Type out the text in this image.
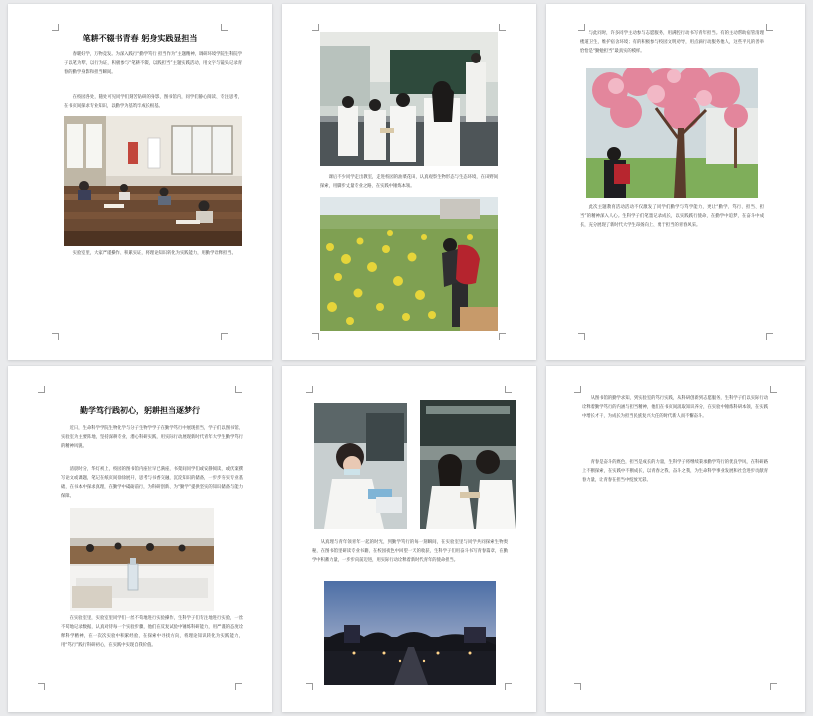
笔耕不辍书青春 躬身实践显担当
春暖好学，万物竞发。为深入践行“勤学笃行 担当作为”主题精神，调研环境学院生科院学子以笔为犁，以行为证，积极参与“笔耕不辍，以践担当”主题实践活动，用文字与镜头记录青春的勤学身影和担当瞬间。
在校园各处，随处可见同学们刻苦钻研的身影，图书馆内，同学们静心阅读、专注思考，在书页间探求专业知识，以勤学为基筑牢成长根基。
实验室里，大家严谨操作、积累实证，将理论知识转化为实践能力，用勤学诠释担当。
课后不少同学走出教室，走进校园的油菜花田，认真观察生物形态与生态环境，在田野间探索，用脚步丈量专业之路，在实践中锤炼本领。
与此同时，许多同学主动参与志愿服务，用满腔行动书写青年担当。有的主动帮助宿管清理楼道卫生，维护宿舍环境；有的积极参与校园文明劝导，用点滴行动服务他人，这些平凡的善举恰恰是“勤勉担当”最真实的模样。
此次主题教育活动活动不仅激发了同学们勤学与笃学能力，更让“勤学、笃行、担当、担当”的精神深入人心。生科学子们笔墨记录成长，以实践践行使命，在勤学中追梦，在奋斗中成长，充分展现了新时代大学生昂扬向上、勇于担当的青春风采。
勤学笃行践初心，躬耕担当逐梦行
近日，生命科学学院生物化学与分子生物学学子在勤学笃行中展现担当，学子们以图书馆、实验室为主要阵地，坚持深耕专业，潜心科研实践，用实际行动展现新时代青年大学生勤学笃行的精神风貌。
清晨时分，华灯初上，校园的图书馆内座位早已满座，书架间同学们或安静阅读，或伏案撰写论文或课题，笔记在纸页间徐徐展开，思考与书香交融，沉淀知识的储备，一步步夯实专业基础，在书本中探求真理，在勤学中砥砺前行，为科研创新、为“勤学”提供坚实的知识储备与能力保障。
在实验室里，实验室里同学们一丝不苟地进行实验操作，生科学子们专注地进行实验，一丝不苟地记录数据，认真对待每一个实验步骤，他们在反复试验中锤炼科研能力，用严谨的态度诠释科学精神，在一次次实验中积累经验，在探索中寻找方向，将理论知识转化为实践能力，用“笃行”践行科研初心，在实践中实现自我价值。
从真理与青年领青年一起的时光，到勤学笃行的每一刻瞬间，在实验室里与同学共同探索生物奥秘，在图书馆里研读专业书籍，在校园夜色中回望一天的收获，生科学子们用奋斗书写青春篇章，在勤学中积蓄力量，一步步向前迈进，用实际行动诠释着新时代青年的使命担当。
从图书馆的勤学求知，到实验室的笃行实践，从科研创新到志愿服务，生科学子们以实际行动诠释着勤学笃行的内涵与担当精神，他们在书页间汲取知识养分，在实验中锤炼科研本领，在实践中增长才干，为成长为担当民族复兴大任的时代新人而不懈奋斗。
青春是奋斗的底色，担当是成长的力量，生科学子将继续秉承勤学笃行的优良学风，在科研路上不断探索，在实践中不断成长，以青春之我、奋斗之我，为生命科学事业发展和社会进步贡献青春力量，让青春在担当中绽放光彩。
